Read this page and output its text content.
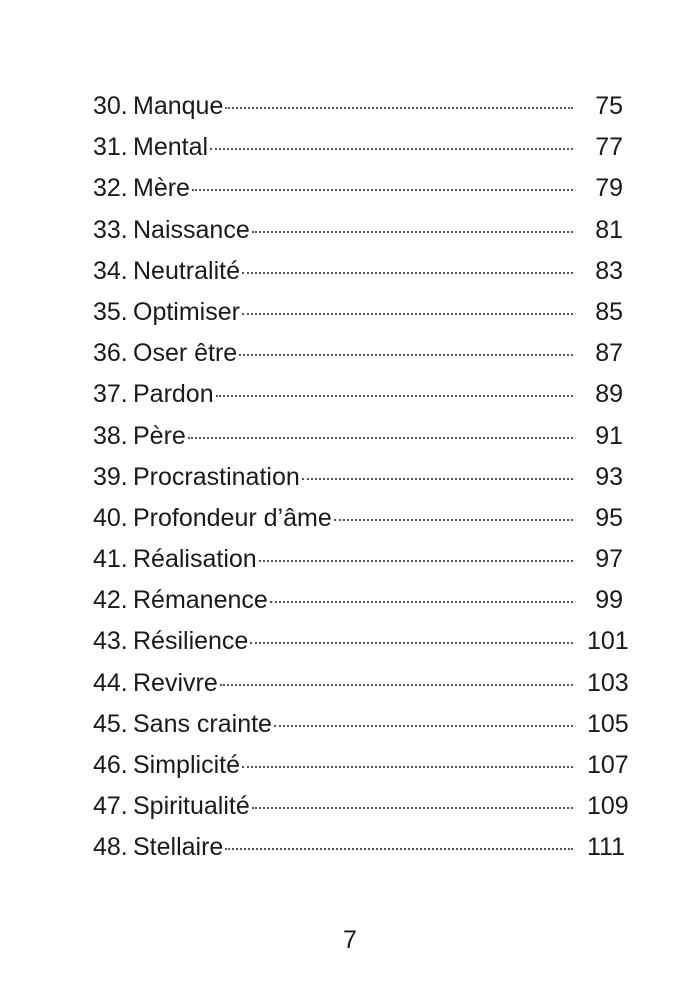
30. Manque	75
31. Mental	77
32. Mère	79
33. Naissance	81
34. Neutralité	83
35. Optimiser	85
36. Oser être	87
37. Pardon	89
38. Père	91
39. Procrastination	93
40. Profondeur d’âme	95
41. Réalisation	97
42. Rémanence	99
43. Résilience	101
44. Revivre	103
45. Sans crainte	105
46. Simplicité	107
47. Spiritualité	109
48. Stellaire	111
7
